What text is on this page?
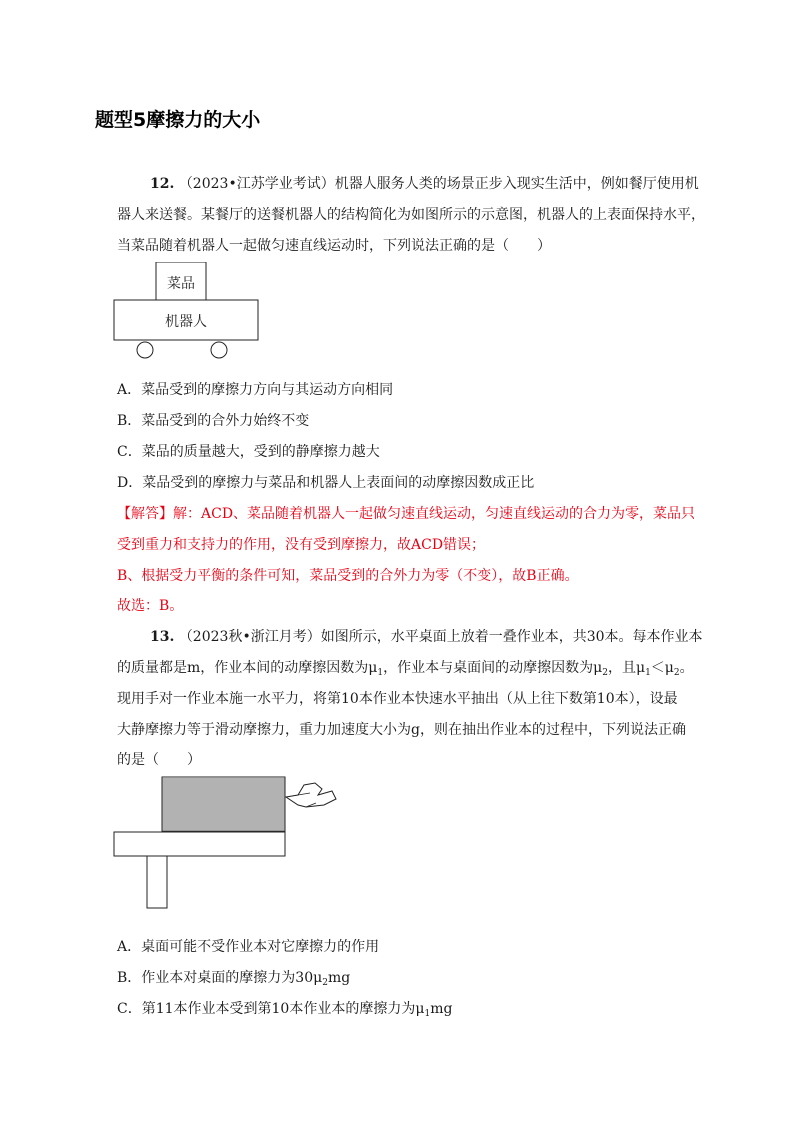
题型5摩擦力的大小
12. （2023•江苏学业考试）机器人服务人类的场景正步入现实生活中，例如餐厅使用机
器人来送餐。某餐厅的送餐机器人的结构简化为如图所示的示意图，机器人的上表面保持水平，
当菜品随着机器人一起做匀速直线运动时，下列说法正确的是（　　）
菜品
机器人
A．菜品受到的摩擦力方向与其运动方向相同
B．菜品受到的合外力始终不变
C．菜品的质量越大，受到的静摩擦力越大
D．菜品受到的摩擦力与菜品和机器人上表面间的动摩擦因数成正比
【解答】解：ACD、菜品随着机器人一起做匀速直线运动，匀速直线运动的合力为零，菜品只
受到重力和支持力的作用，没有受到摩擦力，故ACD错误；
B、根据受力平衡的条件可知，菜品受到的合外力为零（不变），故B正确。
故选：B。
13. （2023秋•浙江月考）如图所示，水平桌面上放着一叠作业本，共30本。每本作业本
的质量都是m，作业本间的动摩擦因数为$\mu_1$，作业本与桌面间的动摩擦因数为$\mu_2$，且$\mu_1<\mu_2$。
现用手对一作业本施一水平力，将第10本作业本快速水平抽出（从上往下数第10本），设最
大静摩擦力等于滑动摩擦力，重力加速度大小为g，则在抽出作业本的过程中，下列说法正确
的是（　　）
A．桌面可能不受作业本对它摩擦力的作用
B．作业本对桌面的摩擦力为$30\mu_2mg$
C．第11本作业本受到第10本作业本的摩擦力为$\mu_1mg$
